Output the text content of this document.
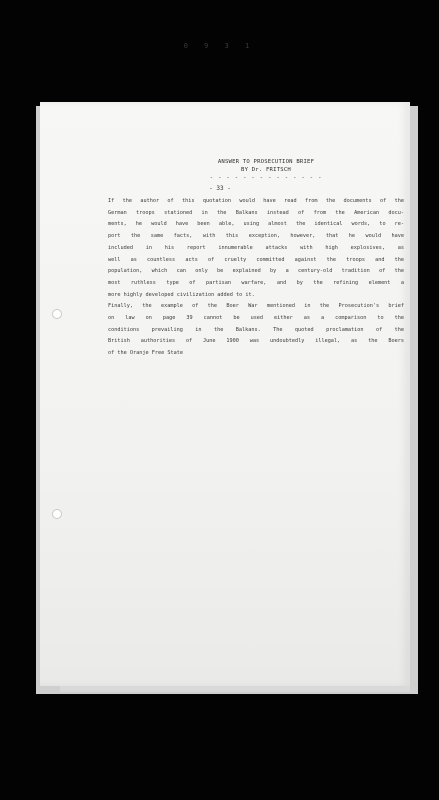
0 9 3 1
ANSWER TO PROSECUTION BRIEF
BY Dr. FRITSCH
- - - - - - - - - - - - - -
- 33 -
If the author of this quotation would have read from the documents of the
German troops stationed in the Balkans instead of from the American docu-
ments, he would have been able, using almost the identical words, to re-
port the same facts, with this exception, however, that he would have
included in his report innumerable attacks with high explosives, as
well as countless acts of cruelty committed against the troops and the
population, which can only be explained by a century-old tradition of the
most ruthless type of partisan warfare, and by the refining element a
more highly developed civilization added to it.
Finally, the example of the Boer War mentioned in the Prosecution's brief
on law on page 39 cannot be used either as a comparison to the
conditions prevailing in the Balkans. The quoted proclamation of the
British authorities of June 1900 was undoubtedly illegal, as the Boers
of the Oranje Free State
